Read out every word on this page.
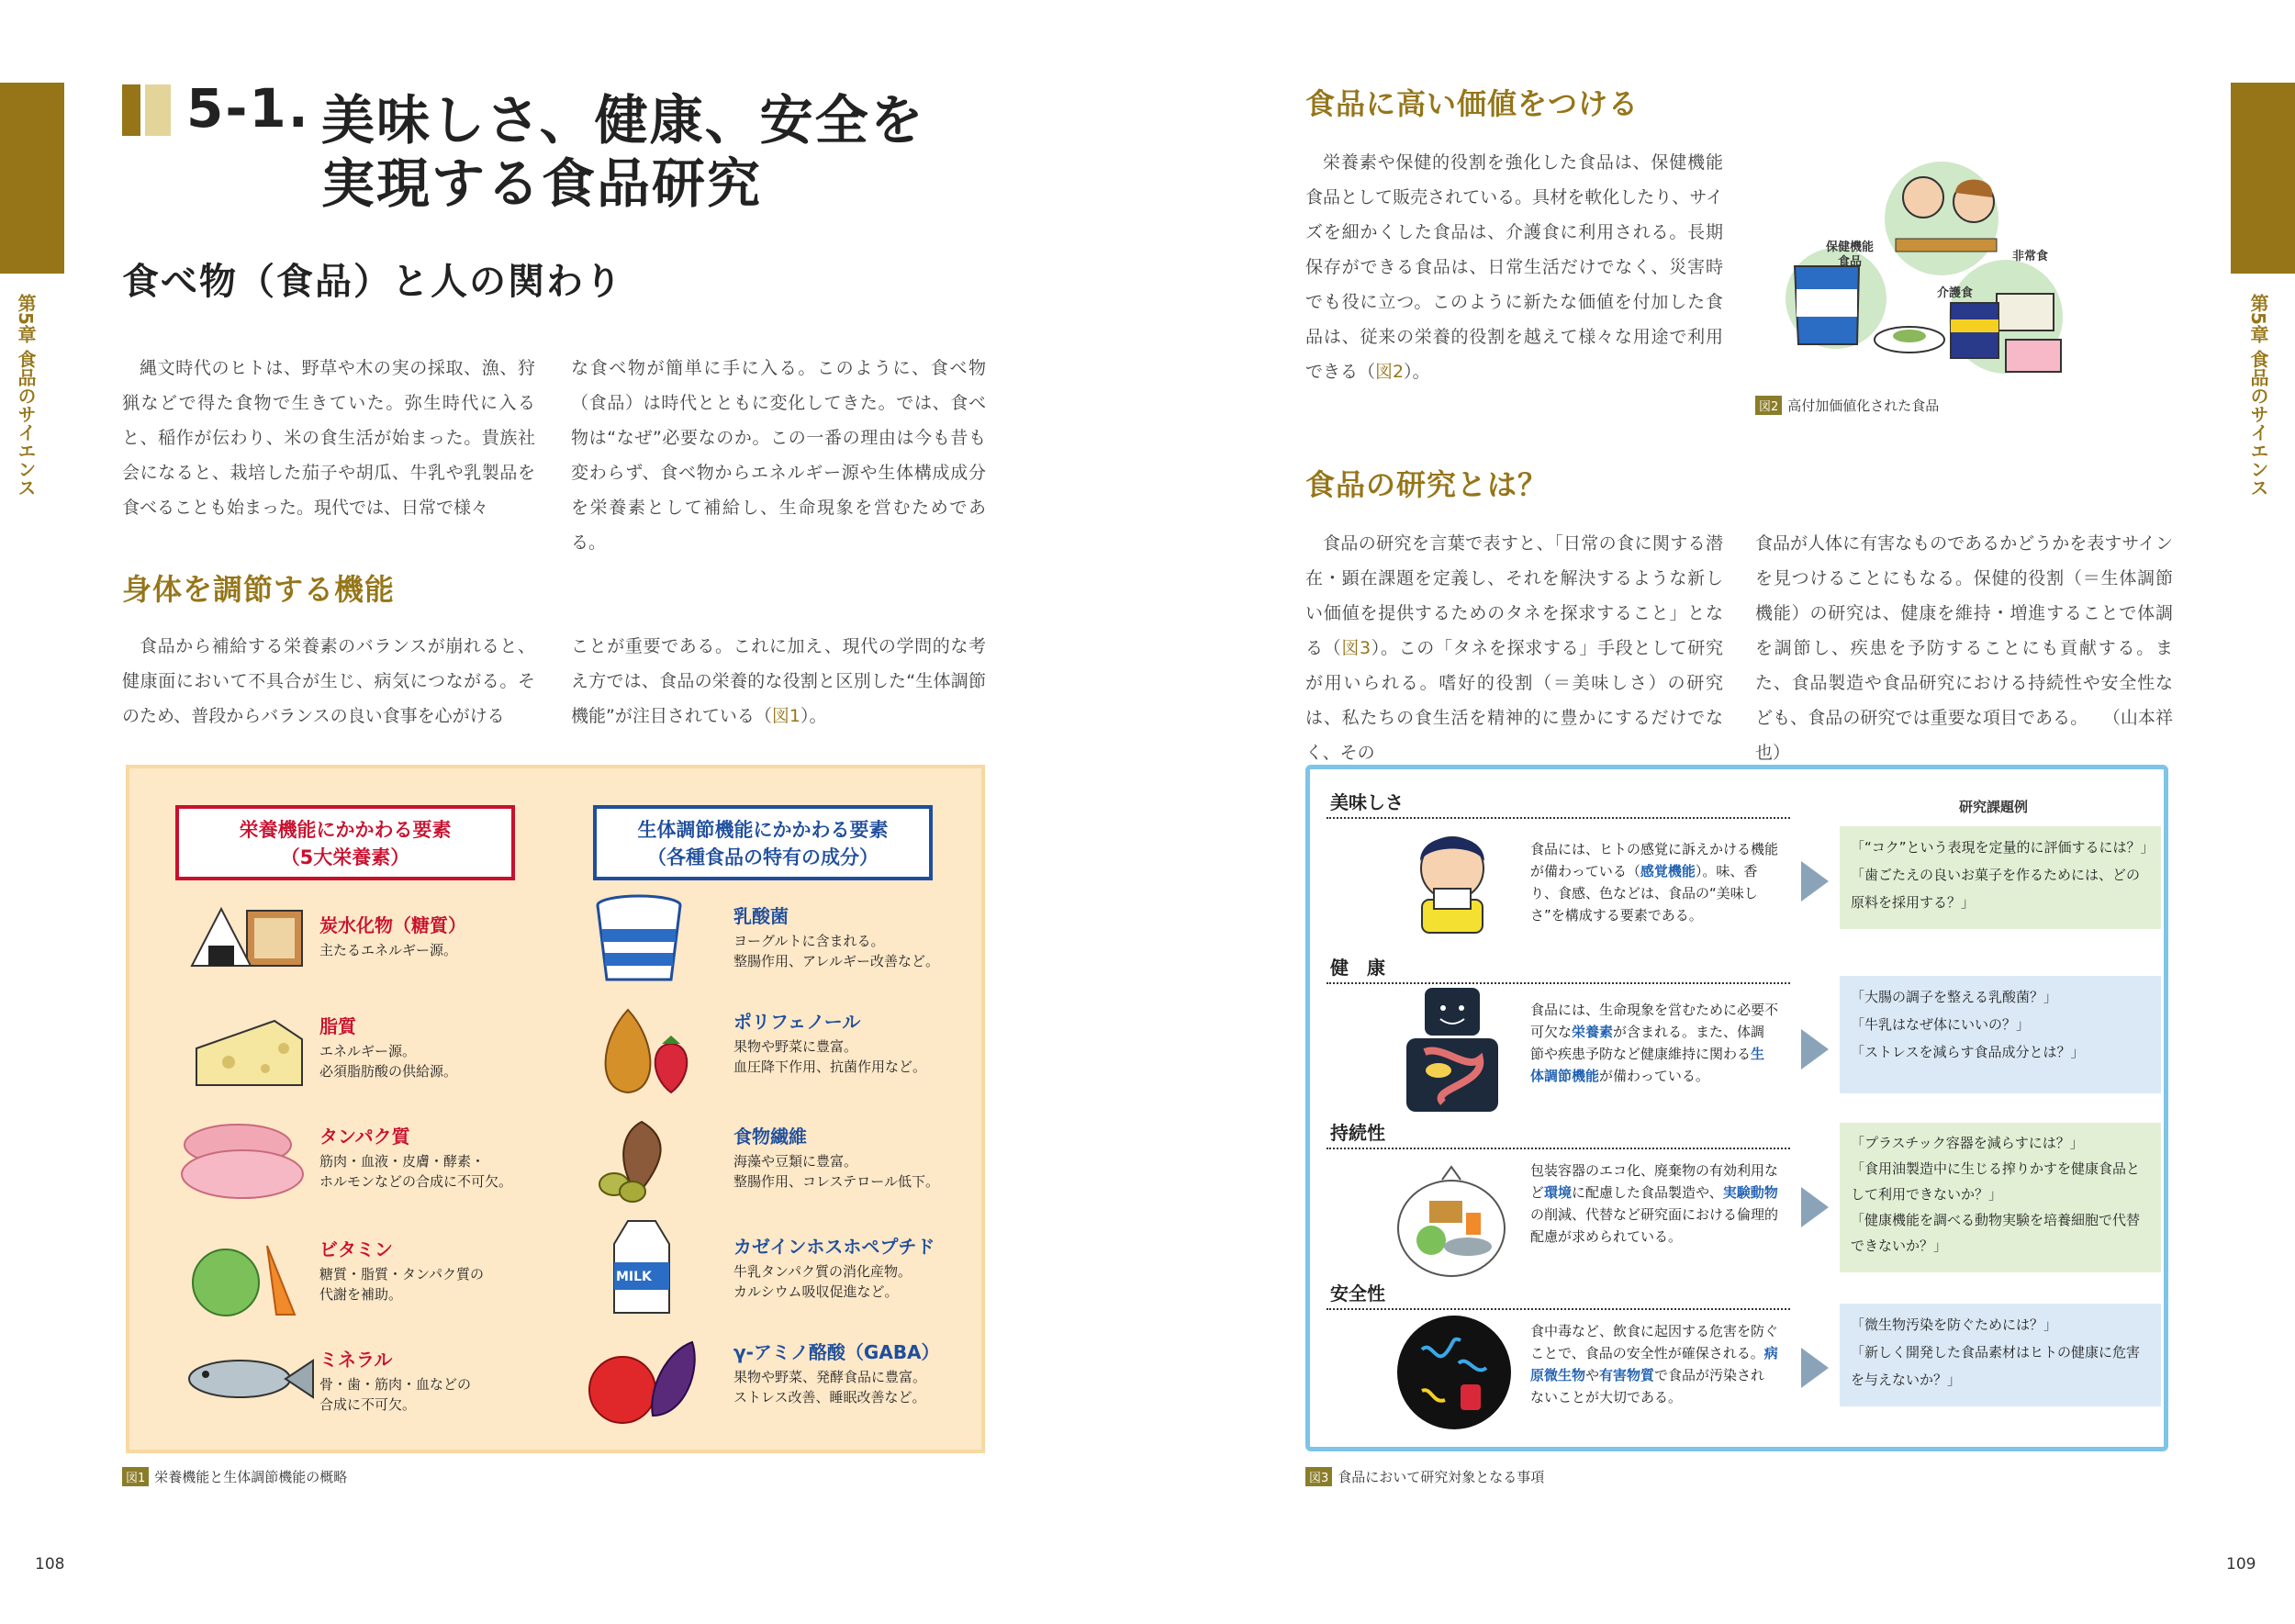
第5章 食品のサイエンス
5-1. 美味しさ、健康、安全を
実現する食品研究
食べ物（食品）と人の関わり
縄文時代のヒトは、野草や木の実の採取、漁、狩猟などで得た食物で生きていた。弥生時代に入ると、稲作が伝わり、米の食生活が始まった。貴族社会になると、栽培した茄子や胡瓜、牛乳や乳製品を食べることも始まった。現代では、日常で様々
な食べ物が簡単に手に入る。このように、食べ物（食品）は時代とともに変化してきた。では、食べ物は“なぜ”必要なのか。この一番の理由は今も昔も変わらず、食べ物からエネルギー源や生体構成成分を栄養素として補給し、生命現象を営むためである。
身体を調節する機能
食品から補給する栄養素のバランスが崩れると、健康面において不具合が生じ、病気につながる。そのため、普段からバランスの良い食事を心がける
ことが重要である。これに加え、現代の学問的な考え方では、食品の栄養的な役割と区別した“生体調節機能”が注目されている（図1）。
栄養機能にかかわる要素
（5大栄養素）
生体調節機能にかかわる要素
（各種食品の特有の成分）
炭水化物（糖質）
主たるエネルギー源。
脂質
エネルギー源。
必須脂肪酸の供給源。
タンパク質
筋肉・血液・皮膚・酵素・
ホルモンなどの合成に不可欠。
ビタミン
糖質・脂質・タンパク質の
代謝を補助。
ミネラル
骨・歯・筋肉・血などの
合成に不可欠。
MILK
乳酸菌
ヨーグルトに含まれる。
整腸作用、アレルギー改善など。
ポリフェノール
果物や野菜に豊富。
血圧降下作用、抗菌作用など。
食物繊維
海藻や豆類に豊富。
整腸作用、コレステロール低下。
カゼインホスホペプチド
牛乳タンパク質の消化産物。
カルシウム吸収促進など。
γ-アミノ酪酸（GABA）
果物や野菜、発酵食品に豊富。
ストレス改善、睡眠改善など。
図1 栄養機能と生体調節機能の概略
108
第5章 食品のサイエンス
食品に高い価値をつける
栄養素や保健的役割を強化した食品は、保健機能食品として販売されている。具材を軟化したり、サイズを細かくした食品は、介護食に利用される。長期保存ができる食品は、日常生活だけでなく、災害時でも役に立つ。このように新たな価値を付加した食品は、従来の栄養的役割を越えて様々な用途で利用できる（図2）。
保健機能食品
介護食
非常食
図2 高付加価値化された食品
食品の研究とは？
食品の研究を言葉で表すと、「日常の食に関する潜在・顕在課題を定義し、それを解決するような新しい価値を提供するためのタネを探求すること」となる（図3）。この「タネを探求する」手段として研究が用いられる。嗜好的役割（＝美味しさ）の研究は、私たちの食生活を精神的に豊かにするだけでなく、その
食品が人体に有害なものであるかどうかを表すサインを見つけることにもなる。保健的役割（＝生体調節機能）の研究は、健康を維持・増進することで体調を調節し、疾患を予防することにも貢献する。また、食品製造や食品研究における持続性や安全性なども、食品の研究では重要な項目である。 （山本祥也）
研究課題例
美味しさ
食品には、ヒトの感覚に訴えかける機能が備わっている（感覚機能）。味、香り、食感、色などは、食品の“美味しさ”を構成する要素である。
「“コク”という表現を定量的に評価するには？」
「歯ごたえの良いお菓子を作るためには、どの原料を採用する？」
健　康
食品には、生命現象を営むために必要不可欠な栄養素が含まれる。また、体調節や疾患予防など健康維持に関わる生体調節機能が備わっている。
「大腸の調子を整える乳酸菌？」
「牛乳はなぜ体にいいの？」
「ストレスを減らす食品成分とは？」
持続性
包装容器のエコ化、廃棄物の有効利用など環境に配慮した食品製造や、実験動物の削減、代替など研究面における倫理的配慮が求められている。
「プラスチック容器を減らすには？」
「食用油製造中に生じる搾りかすを健康食品として利用できないか？」
「健康機能を調べる動物実験を培養細胞で代替できないか？」
安全性
食中毒など、飲食に起因する危害を防ぐことで、食品の安全性が確保される。病原微生物や有害物質で食品が汚染されないことが大切である。
「微生物汚染を防ぐためには？」
「新しく開発した食品素材はヒトの健康に危害を与えないか？」
図3 食品において研究対象となる事項
109
